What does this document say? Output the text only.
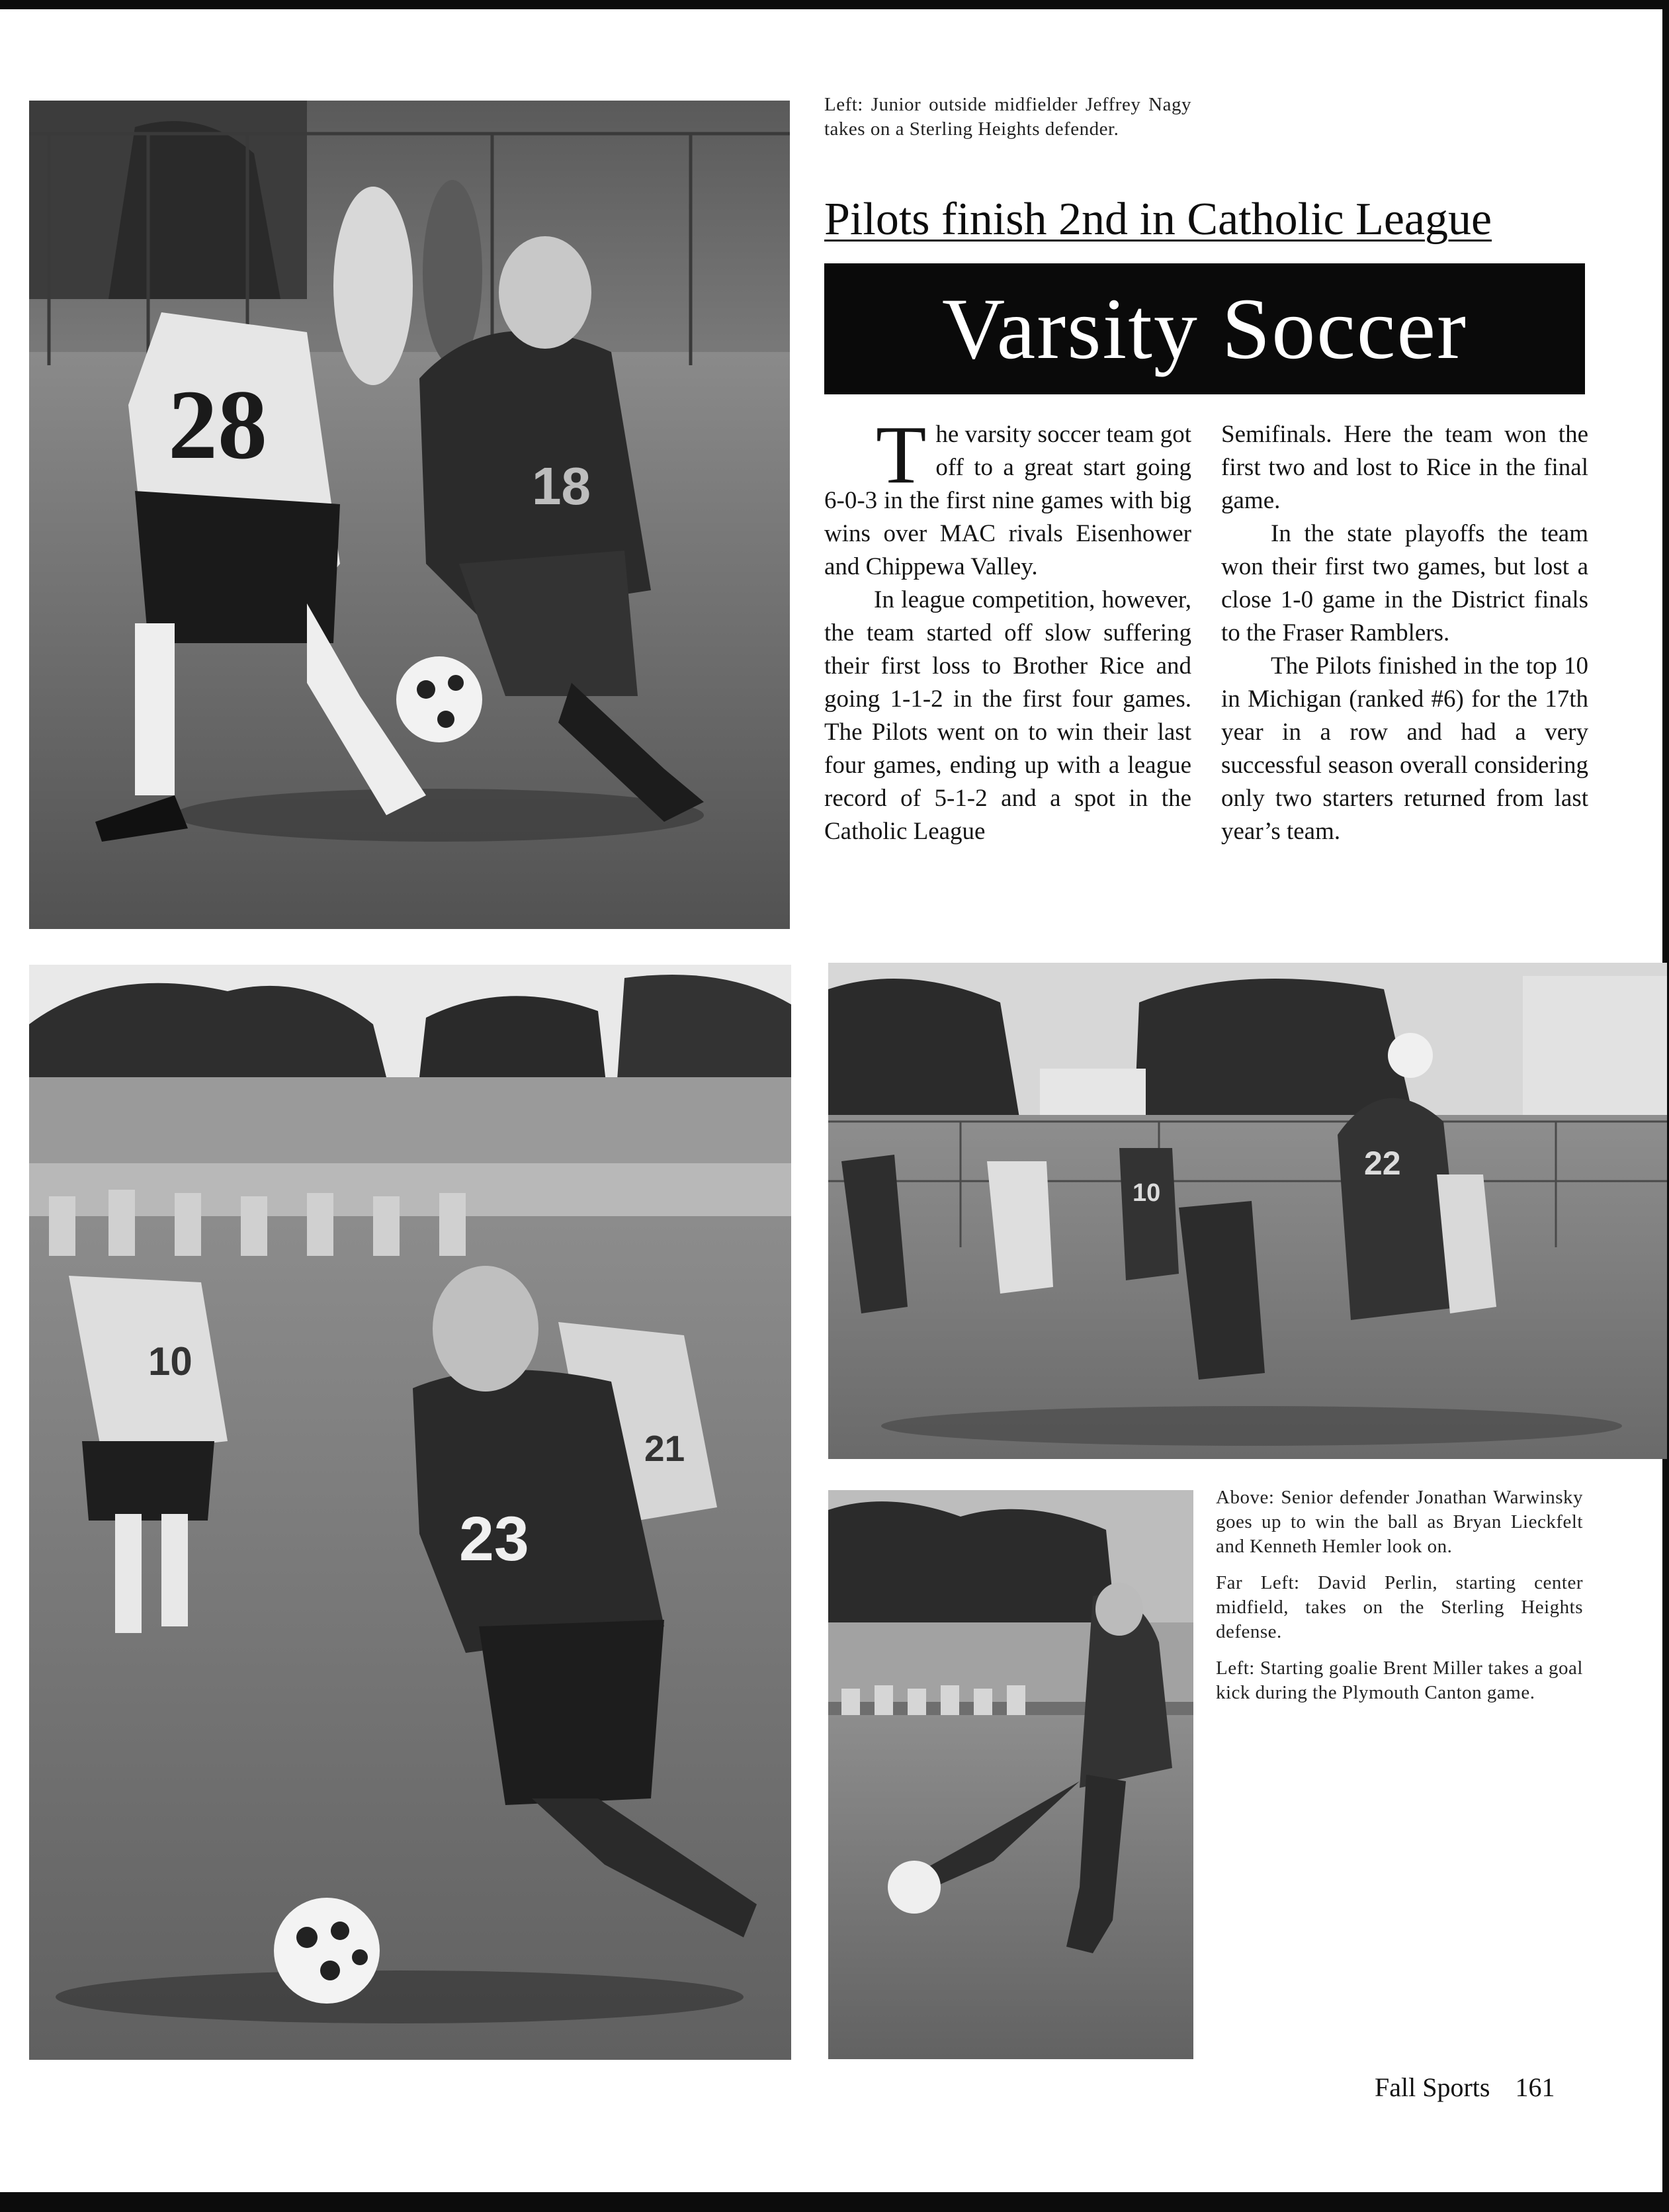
28
18
Left: Junior outside midfielder Jeffrey Nagy takes on a Sterling Heights defender.
Pilots finish 2nd in Catholic League
Varsity Soccer

The varsity soccer team got off to a great start going 6-0-3 in the first nine games with big wins over MAC rivals Eisenhower and Chippewa Valley.

In league competition, however, the team started off slow suffering their first loss to Brother Rice and going 1-1-2 in the first four games. The Pilots went on to win their last four games, ending up with a league record of 5-1-2 and a spot in the Catholic League

Semifinals. Here the team won the first two and lost to Rice in the final game.

In the state playoffs the team won their first two games, but lost a close 1-0 game in the District finals to the Fraser Ramblers.

The Pilots finished in the top 10 in Michigan (ranked #6) for the 17th year in a row and had a very successful season overall considering only two starters returned from last year’s team.

10
23
21
10
22

Above: Senior defender Jonathan Warwinsky goes up to win the ball as Bryan Lieckfelt and Kenneth Hemler look on.

Far Left: David Perlin, starting center midfield, takes on the Sterling Heights defense.

Left: Starting goalie Brent Miller takes a goal kick during the Plymouth Canton game.

Fall Sports 161
